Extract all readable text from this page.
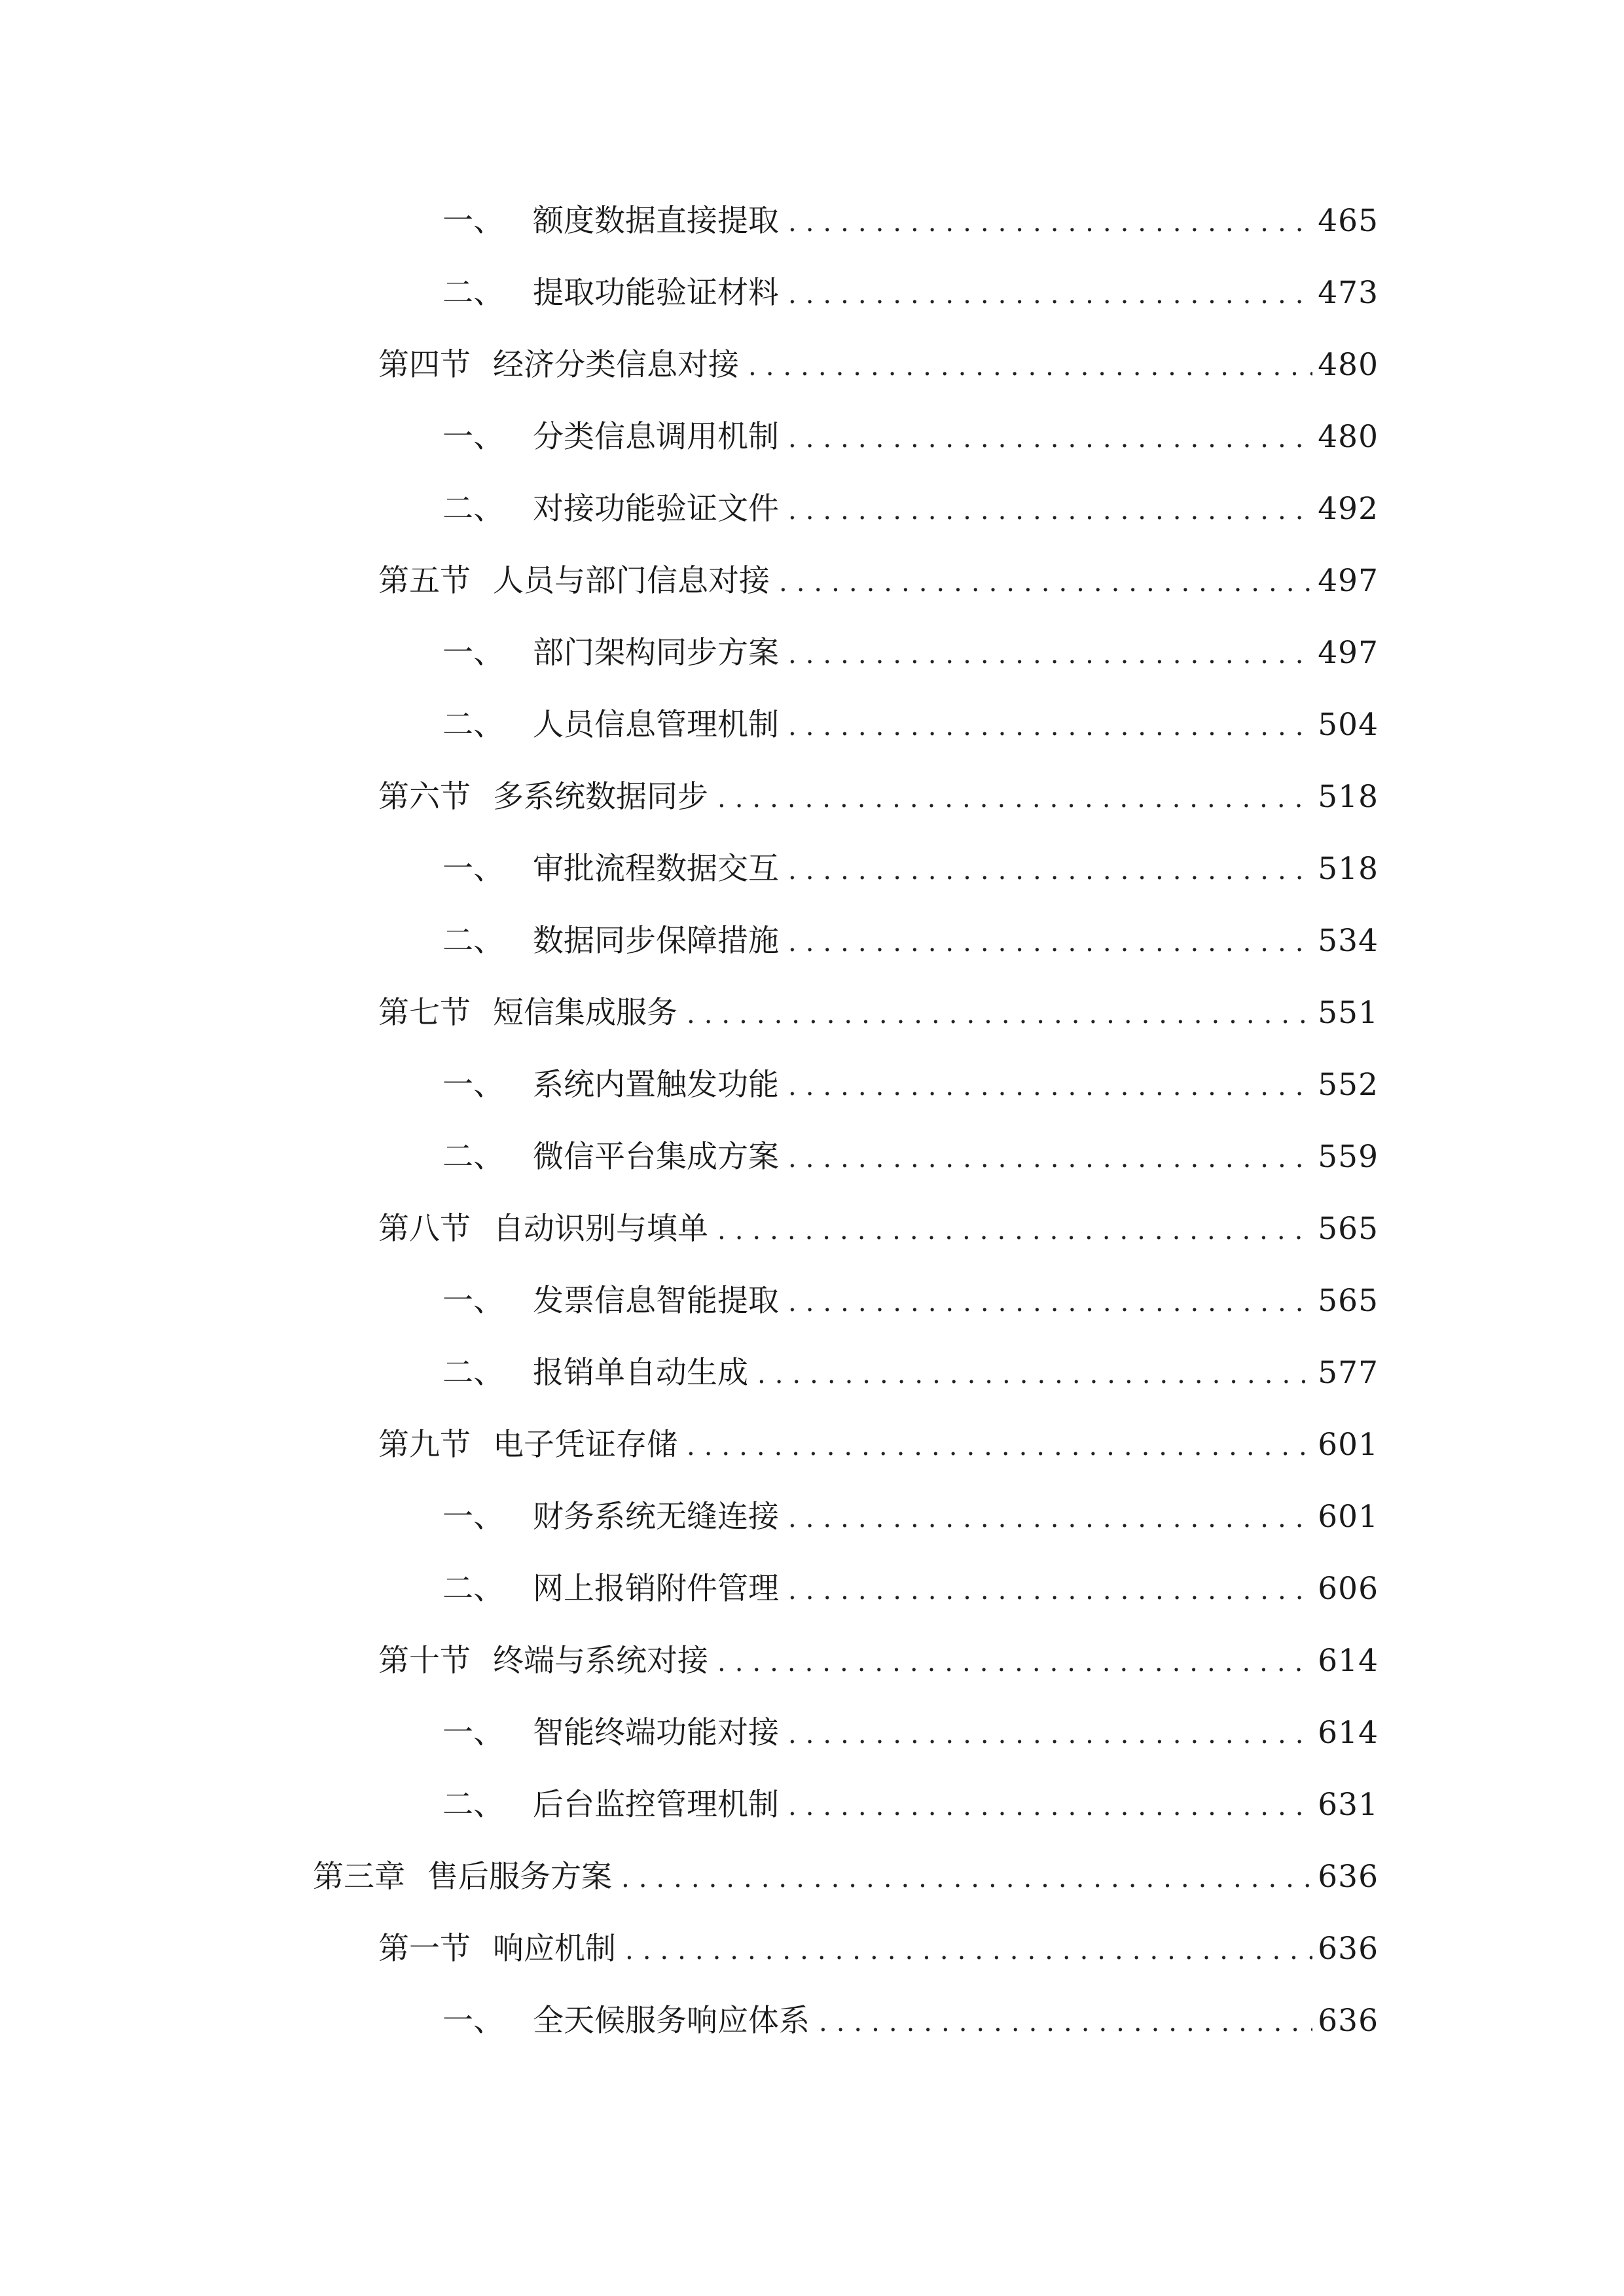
一、 额度数据直接提取 .....	465
二、 提取功能验证材料 .....	473
第四节 经济分类信息对接 .....	480
一、 分类信息调用机制 .....	480
二、 对接功能验证文件 .....	492
第五节 人员与部门信息对接 .....	497
一、 部门架构同步方案 .....	497
二、 人员信息管理机制 .....	504
第六节 多系统数据同步 .....	518
一、 审批流程数据交互 .....	518
二、 数据同步保障措施 .....	534
第七节 短信集成服务 .....	551
一、 系统内置触发功能 .....	552
二、 微信平台集成方案 .....	559
第八节 自动识别与填单 .....	565
一、 发票信息智能提取 .....	565
二、 报销单自动生成 .....	577
第九节 电子凭证存储 .....	601
一、 财务系统无缝连接 .....	601
二、 网上报销附件管理 .....	606
第十节 终端与系统对接 .....	614
一、 智能终端功能对接 .....	614
二、 后台监控管理机制 .....	631
第三章 售后服务方案 .....	636
第一节 响应机制 .....	636
一、 全天候服务响应体系 .....	636
